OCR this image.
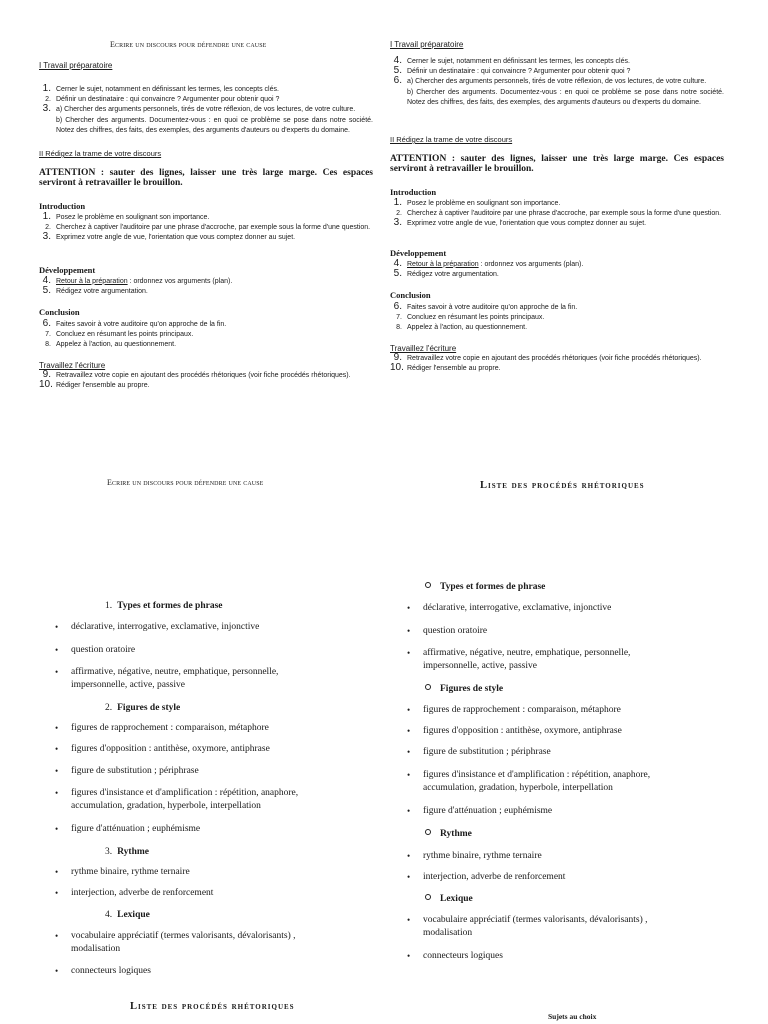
Ecrire un discours pour défendre une cause
I Travail préparatoire
1. Cerner le sujet, notamment en définissant les termes, les concepts clés.
2. Définir un destinataire : qui convaincre ? Argumenter pour obtenir quoi ?
3. a) Chercher des arguments personnels, tirés de votre réflexion, de vos lectures, de votre culture.
b) Chercher des arguments. Documentez-vous : en quoi ce problème se pose dans notre société. Notez des chiffres, des faits, des exemples, des arguments d'auteurs ou d'experts du domaine.
II Rédigez la trame de votre discours
ATTENTION : sauter des lignes, laisser une très large marge. Ces espaces serviront à retravailler le brouillon.
Introduction
1. Posez le problème en soulignant son importance.
2. Cherchez à captiver l'auditoire par une phrase d'accroche, par exemple sous la forme d'une question.
3. Exprimez votre angle de vue, l'orientation que vous comptez donner au sujet.
Développement
4. Retour à la préparation : ordonnez vos arguments (plan).
5. Rédigez votre argumentation.
Conclusion
6. Faites savoir à votre auditoire qu'on approche de la fin.
7. Concluez en résumant les points principaux.
8. Appelez à l'action, au questionnement.
Travaillez l'écriture
9. Retravaillez votre copie en ajoutant des procédés rhétoriques (voir fiche procédés rhétoriques).
10. Rédiger l'ensemble au propre.
Ecrire un discours pour défendre une cause
I Travail préparatoire
4. Cerner le sujet, notamment en définissant les termes, les concepts clés.
5. Définir un destinataire : qui convaincre ? Argumenter pour obtenir quoi ?
6. a) Chercher des arguments personnels, tirés de votre réflexion, de vos lectures, de votre culture.
b) Chercher des arguments. Documentez-vous : en quoi ce problème se pose dans notre société. Notez des chiffres, des faits, des exemples, des arguments d'auteurs ou d'experts du domaine.
II Rédigez la trame de votre discours
ATTENTION : sauter des lignes, laisser une très large marge. Ces espaces serviront à retravailler le brouillon.
Introduction
1. Posez le problème en soulignant son importance.
2. Cherchez à captiver l'auditoire par une phrase d'accroche, par exemple sous la forme d'une question.
3. Exprimez votre angle de vue, l'orientation que vous comptez donner au sujet.
Développement
4. Retour à la préparation : ordonnez vos arguments (plan).
5. Rédigez votre argumentation.
Conclusion
6. Faites savoir à votre auditoire qu'on approche de la fin.
7. Concluez en résumant les points principaux.
8. Appelez à l'action, au questionnement.
Travaillez l'écriture
9. Retravaillez votre copie en ajoutant des procédés rhétoriques (voir fiche procédés rhétoriques).
10. Rédiger l'ensemble au propre.
Liste des procédés rhétoriques
1. Types et formes de phrase
• déclarative, interrogative, exclamative, injonctive
• question oratoire
• affirmative, négative, neutre, emphatique, personnelle, impersonnelle, active, passive
2. Figures de style
• figures de rapprochement : comparaison, métaphore
• figures d'opposition : antithèse, oxymore, antiphrase
• figure de substitution ; périphrase
• figures d'insistance et d'amplification : répétition, anaphore, accumulation, gradation, hyperbole, interpellation
• figure d'atténuation ; euphémisme
3. Rythme
• rythme binaire, rythme ternaire
• interjection, adverbe de renforcement
4. Lexique
• vocabulaire appréciatif (termes valorisants, dévalorisants) , modalisation
• connecteurs logiques
Types et formes de phrase
• déclarative, interrogative, exclamative, injonctive
• question oratoire
• affirmative, négative, neutre, emphatique, personnelle, impersonnelle, active, passive
Figures de style
• figures de rapprochement : comparaison, métaphore
• figures d'opposition : antithèse, oxymore, antiphrase
• figure de substitution ; périphrase
• figures d'insistance et d'amplification : répétition, anaphore, accumulation, gradation, hyperbole, interpellation
• figure d'atténuation ; euphémisme
Rythme
• rythme binaire, rythme ternaire
• interjection, adverbe de renforcement
Lexique
• vocabulaire appréciatif (termes valorisants, dévalorisants) , modalisation
• connecteurs logiques
Liste des procédés rhétoriques
Sujets au choix
